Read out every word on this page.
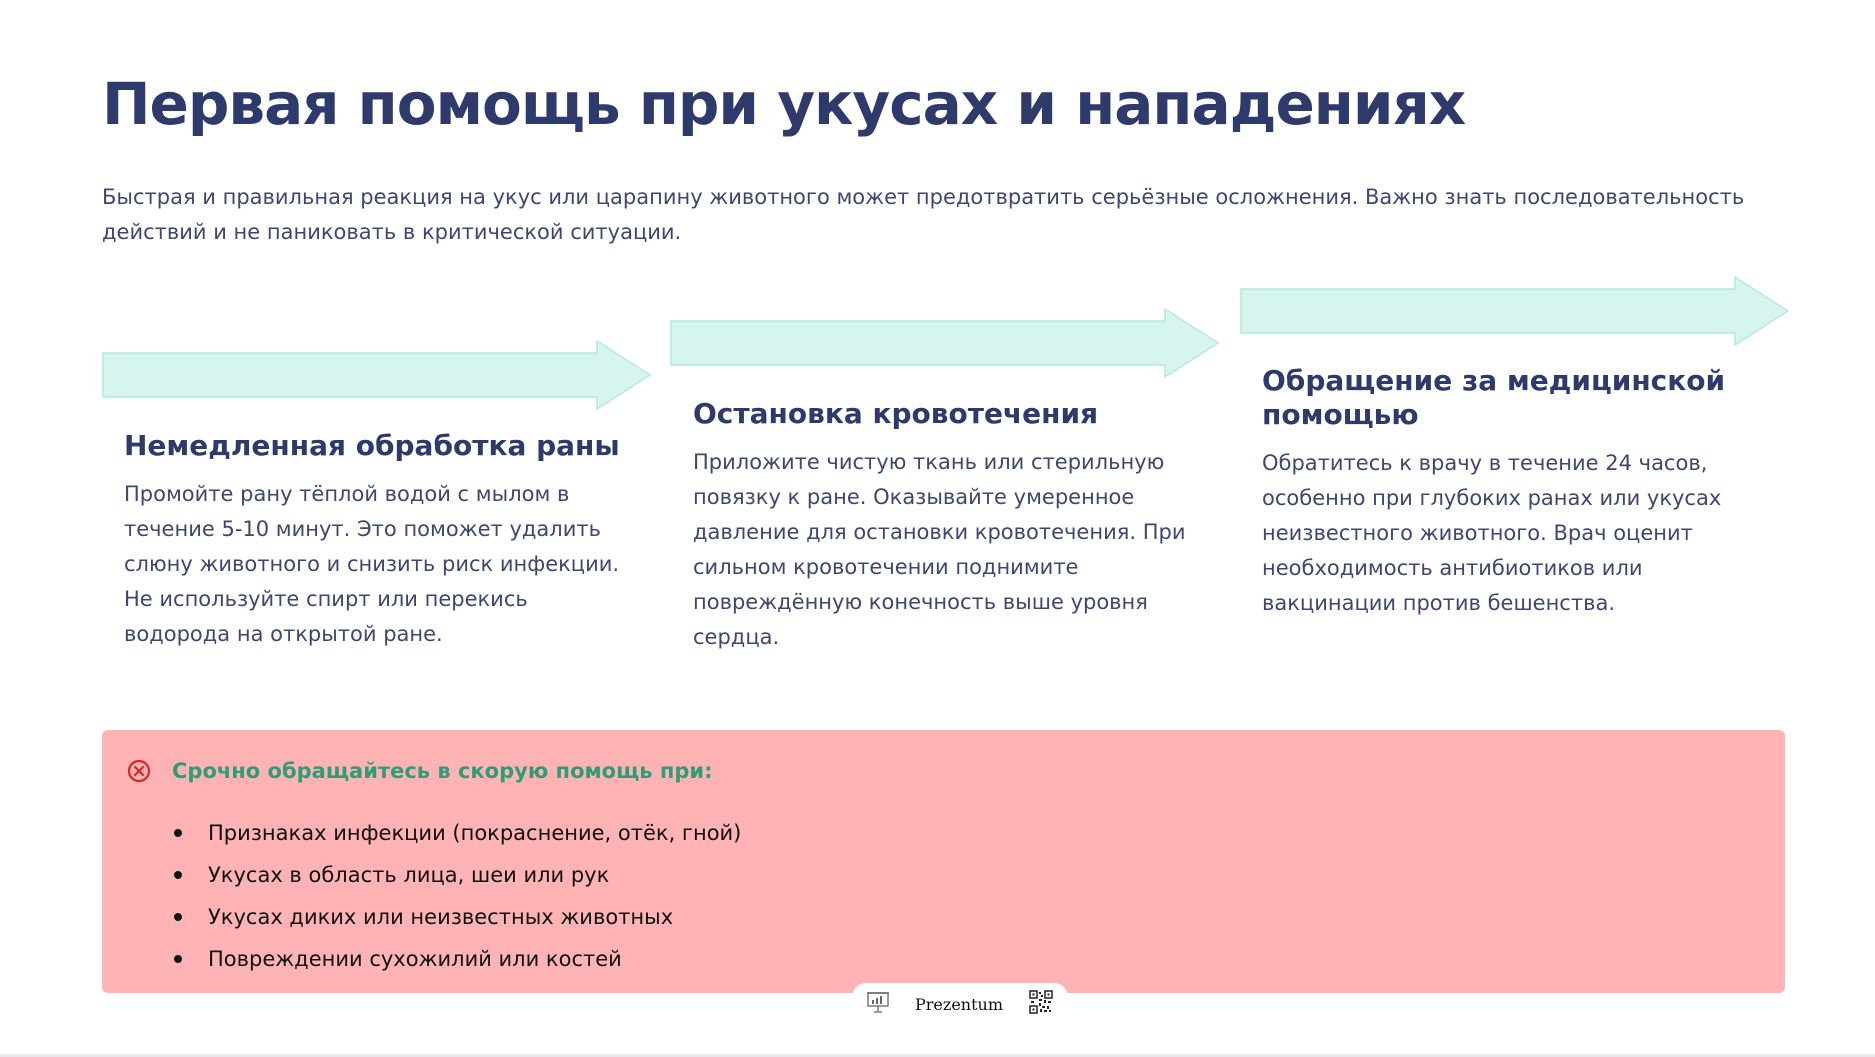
Первая помощь при укусах и нападениях

Быстрая и правильная реакция на укус или царапину животного может предотвратить серьёзные осложнения. Важно знать последовательность действий и не паниковать в критической ситуации.

Немедленная обработка раны

Промойте рану тёплой водой с мылом в течение 5-10 минут. Это поможет удалить слюну животного и снизить риск инфекции. Не используйте спирт или перекись водорода на открытой ране.

Остановка кровотечения

Приложите чистую ткань или стерильную повязку к ране. Оказывайте умеренное давление для остановки кровотечения. При сильном кровотечении поднимите повреждённую конечность выше уровня сердца.

Обращение за медицинской помощью

Обратитесь к врачу в течение 24 часов, особенно при глубоких ранах или укусах неизвестного животного. Врач оценит необходимость антибиотиков или вакцинации против бешенства.

Срочно обращайтесь в скорую помощь при:
Признаках инфекции (покраснение, отёк, гной)
Укусах в область лица, шеи или рук
Укусах диких или неизвестных животных
Повреждении сухожилий или костей
Prezentum
